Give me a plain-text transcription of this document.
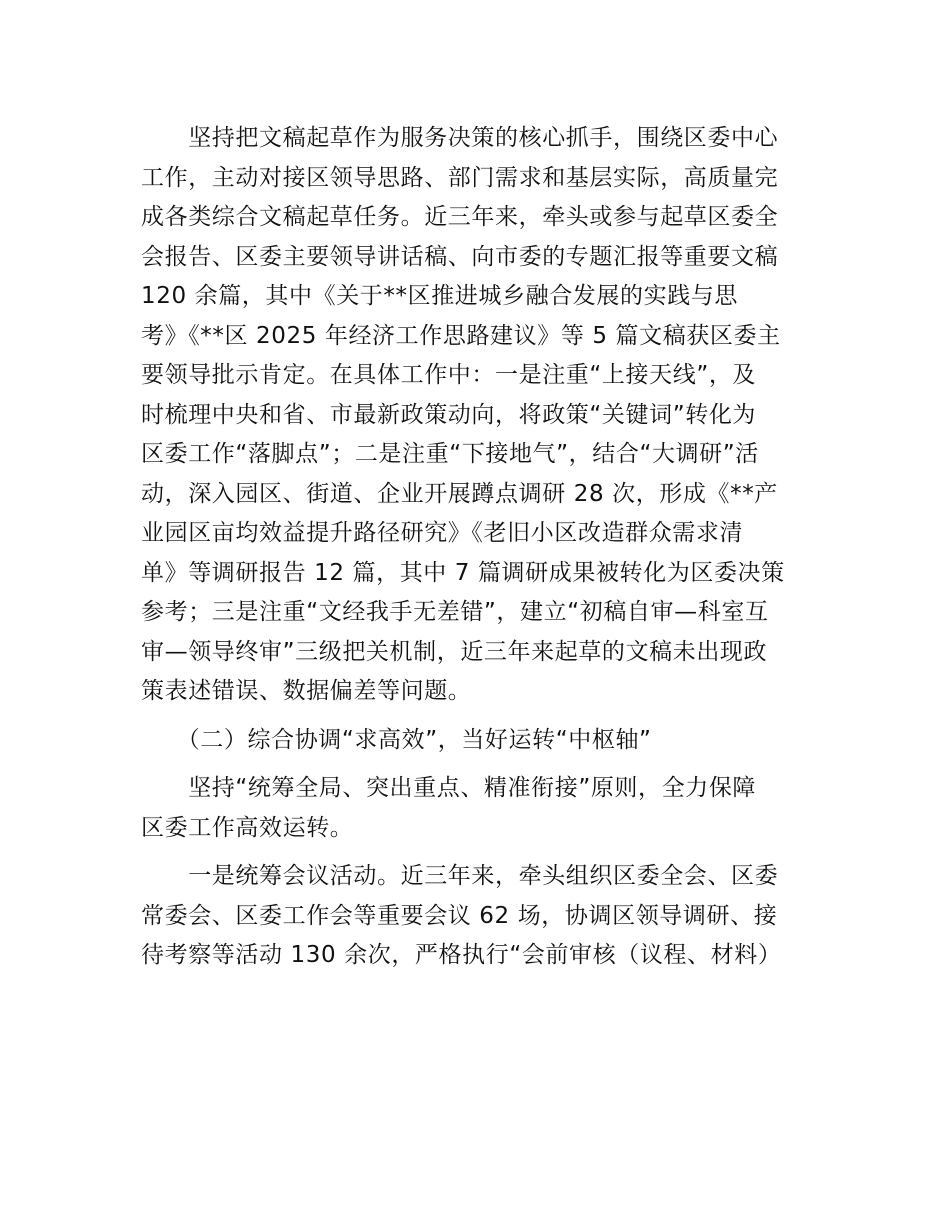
　　坚持把文稿起草作为服务决策的核心抓手，围绕区委中心
工作，主动对接区领导思路、部门需求和基层实际，高质量完
成各类综合文稿起草任务。近三年来，牵头或参与起草区委全
会报告、区委主要领导讲话稿、向市委的专题汇报等重要文稿
120 余篇，其中《关于**区推进城乡融合发展的实践与思
考》《**区 2025 年经济工作思路建议》等 5 篇文稿获区委主
要领导批示肯定。在具体工作中：一是注重“上接天线”，及
时梳理中央和省、市最新政策动向，将政策“关键词”转化为
区委工作“落脚点”；二是注重“下接地气”，结合“大调研”活
动，深入园区、街道、企业开展蹲点调研 28 次，形成《**产
业园区亩均效益提升路径研究》《老旧小区改造群众需求清
单》等调研报告 12 篇，其中 7 篇调研成果被转化为区委决策
参考；三是注重“文经我手无差错”，建立“初稿自审—科室互
审—领导终审”三级把关机制，近三年来起草的文稿未出现政
策表述错误、数据偏差等问题。
　　（二）综合协调“求高效”，当好运转“中枢轴”
　　坚持“统筹全局、突出重点、精准衔接”原则，全力保障
区委工作高效运转。
　　一是统筹会议活动。近三年来，牵头组织区委全会、区委
常委会、区委工作会等重要会议 62 场，协调区领导调研、接
待考察等活动 130 余次，严格执行“会前审核（议程、材料）
